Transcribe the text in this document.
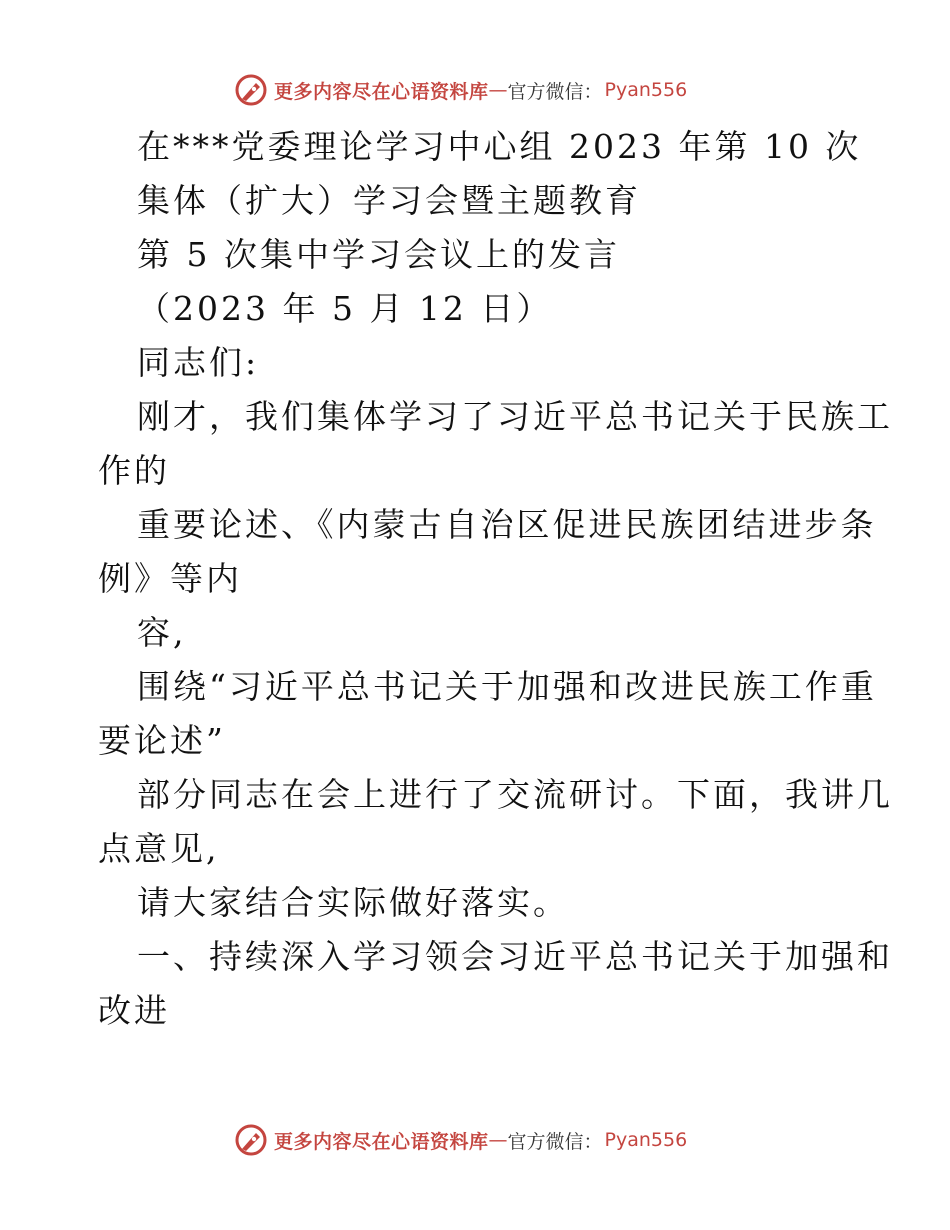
更多内容尽在心语资料库 — 官方微信： Pyan556
在***党委理论学习中心组 2023 年第 10 次
集体（扩大）学习会暨主题教育
第 5 次集中学习会议上的发言
（2023 年 5 月 12 日）
同志们:
刚才，我们集体学习了习近平总书记关于民族工
作的
重要论述、《内蒙古自治区促进民族团结进步条
例》等内
容,
围绕“习近平总书记关于加强和改进民族工作重
要论述”
部分同志在会上进行了交流研讨。下面，我讲几
点意见,
请大家结合实际做好落实。
一、持续深入学习领会习近平总书记关于加强和
改进
更多内容尽在心语资料库 — 官方微信： Pyan556
